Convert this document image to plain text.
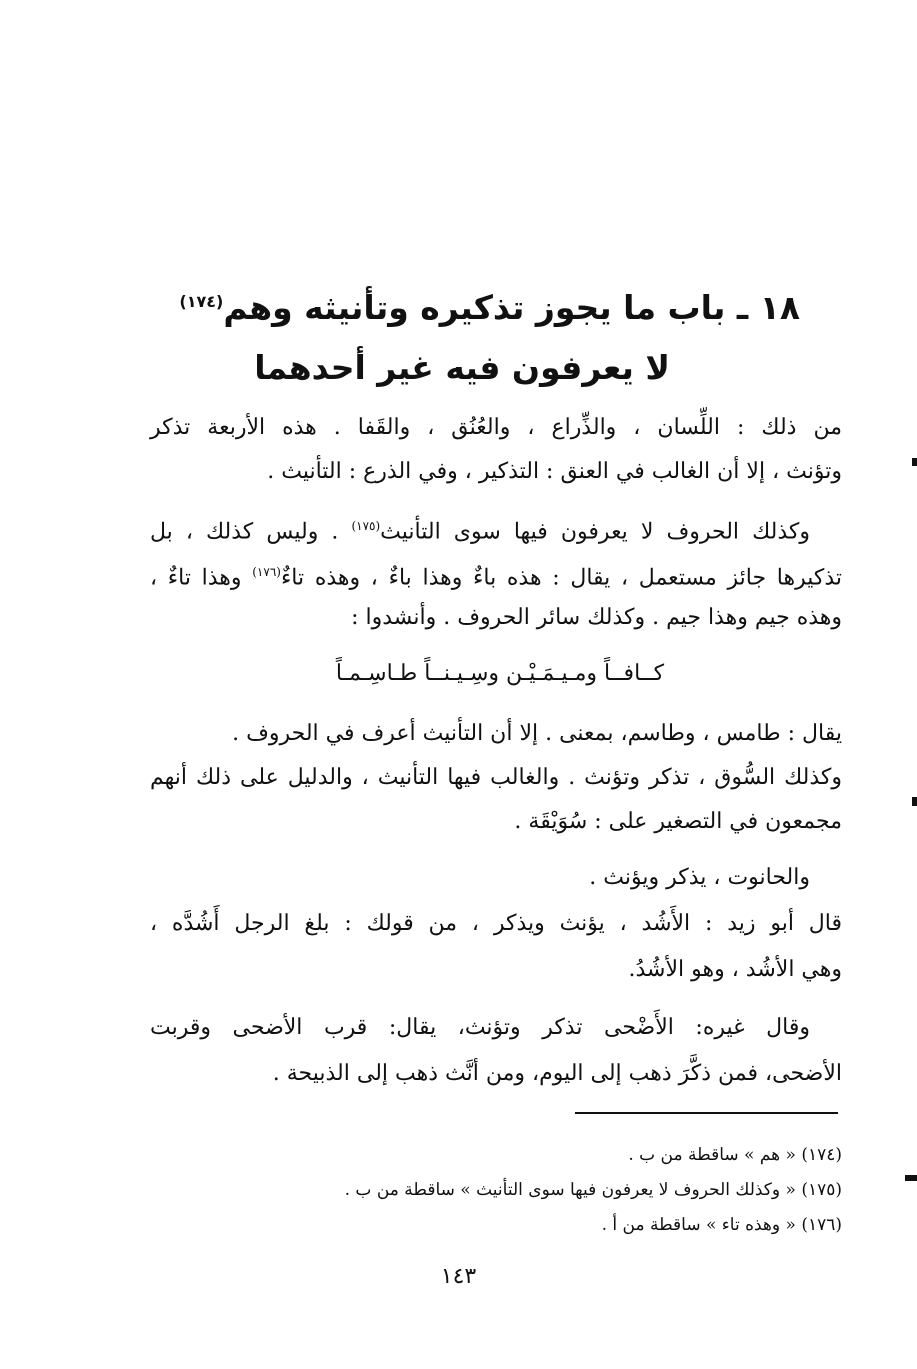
١٨ ـ باب ما يجوز تذكيره وتأنيثه وهم$^{(١٧٤)}$
لا يعرفون فيه غير أحدهما
من ذلك : اللِّسان ، والذِّراع ، والعُنُق ، والقَفا . هذه الأربعة تذكر
وتؤنث ، إلا أن الغالب في العنق : التذكير ، وفي الذرع : التأنيث .
وكذلك الحروف لا يعرفون فيها سوى التأنيث$^{(١٧٥)}$ . وليس كذلك ، بل
تذكيرها جائز مستعمل ، يقال : هذه باءٌ وهذا باءٌ ، وهذه تاءٌ$^{(١٧٦)}$ وهذا تاءٌ ،
وهذه جيم وهذا جيم . وكذلك سائر الحروف . وأنشدوا :
كــافــاً ومـيـمَـيْـن وسِـيـنــاً طـاسِـمـاً
يقال : طامس ، وطاسم، بمعنى . إلا أن التأنيث أعرف في الحروف .
وكذلك السُّوق ، تذكر وتؤنث . والغالب فيها التأنيث ، والدليل على ذلك أنهم
مجمعون في التصغير على : سُوَيْقَة .
والحانوت ، يذكر ويؤنث .
قال أبو زيد : الأَشُد ، يؤنث ويذكر ، من قولك : بلغ الرجل أَشُدَّه ،
وهي الأشُد ، وهو الأشُدُ.
وقال غيره: الأَضْحى تذكر وتؤنث، يقال: قرب الأضحى وقربت
الأضحى، فمن ذكَّرَ ذهب إلى اليوم، ومن أنَّث ذهب إلى الذبيحة .
(١٧٤) « هم » ساقطة من ب .
(١٧٥) « وكذلك الحروف لا يعرفون فيها سوى التأنيث » ساقطة من ب .
(١٧٦) « وهذه تاء » ساقطة من أ .
١٤٣
